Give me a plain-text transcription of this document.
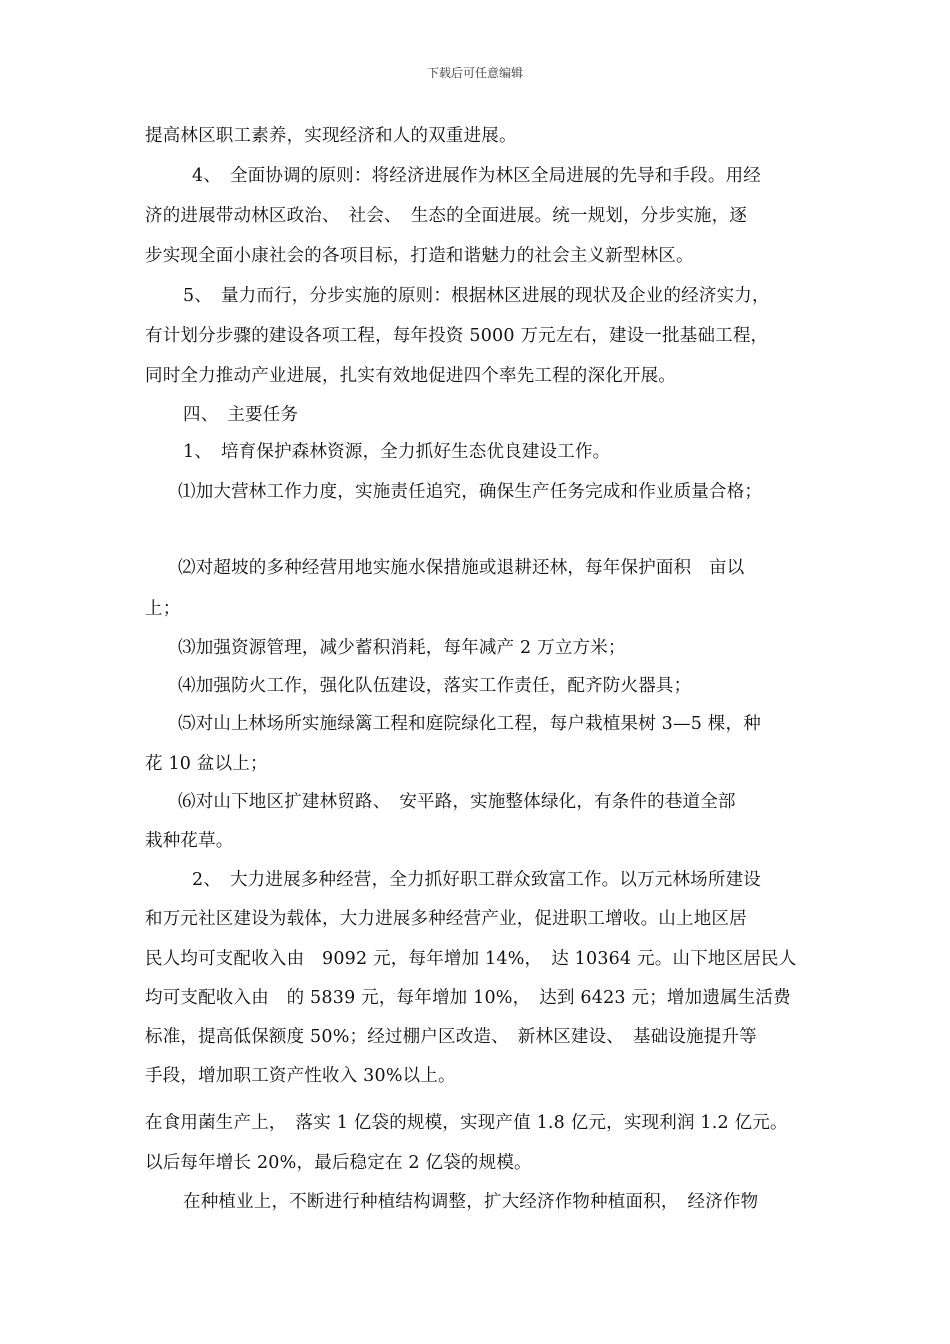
下载后可任意编辑
提高林区职工素养，实现经济和人的双重进展。
4、　全面协调的原则：将经济进展作为林区全局进展的先导和手段。用经
济的进展带动林区政治、　社会、　生态的全面进展。统一规划，分步实施，逐
步实现全面小康社会的各项目标，打造和谐魅力的社会主义新型林区。
5、　量力而行，分步实施的原则：根据林区进展的现状及企业的经济实力，
有计划分步骤的建设各项工程，每年投资 5000 万元左右，建设一批基础工程，
同时全力推动产业进展，扎实有效地促进四个率先工程的深化开展。
四、　主要任务
1、　培育保护森林资源，全力抓好生态优良建设工作。
⑴加大营林工作力度，实施责任追究，确保生产任务完成和作业质量合格；
⑵对超坡的多种经营用地实施水保措施或退耕还林，每年保护面积　亩以
上；
⑶加强资源管理，减少蓄积消耗，每年减产 2 万立方米；
⑷加强防火工作，强化队伍建设，落实工作责任，配齐防火器具；
⑸对山上林场所实施绿篱工程和庭院绿化工程，每户栽植果树 3—5 棵，种
花 10 盆以上；
⑹对山下地区扩建林贸路、　安平路，实施整体绿化，有条件的巷道全部
栽种花草。
2、　大力进展多种经营，全力抓好职工群众致富工作。以万元林场所建设
和万元社区建设为载体，大力进展多种经营产业，促进职工增收。山上地区居
民人均可支配收入由　9092 元，每年增加 14%，　达 10364 元。山下地区居民人
均可支配收入由　的 5839 元，每年增加 10%，　达到 6423 元；增加遗属生活费
标准，提高低保额度 50%；经过棚户区改造、　新林区建设、　基础设施提升等
手段，增加职工资产性收入 30%以上。
在食用菌生产上，　落实 1 亿袋的规模，实现产值 1.8 亿元，实现利润 1.2 亿元。
以后每年增长 20%，最后稳定在 2 亿袋的规模。
在种植业上，不断进行种植结构调整，扩大经济作物种植面积，　经济作物
